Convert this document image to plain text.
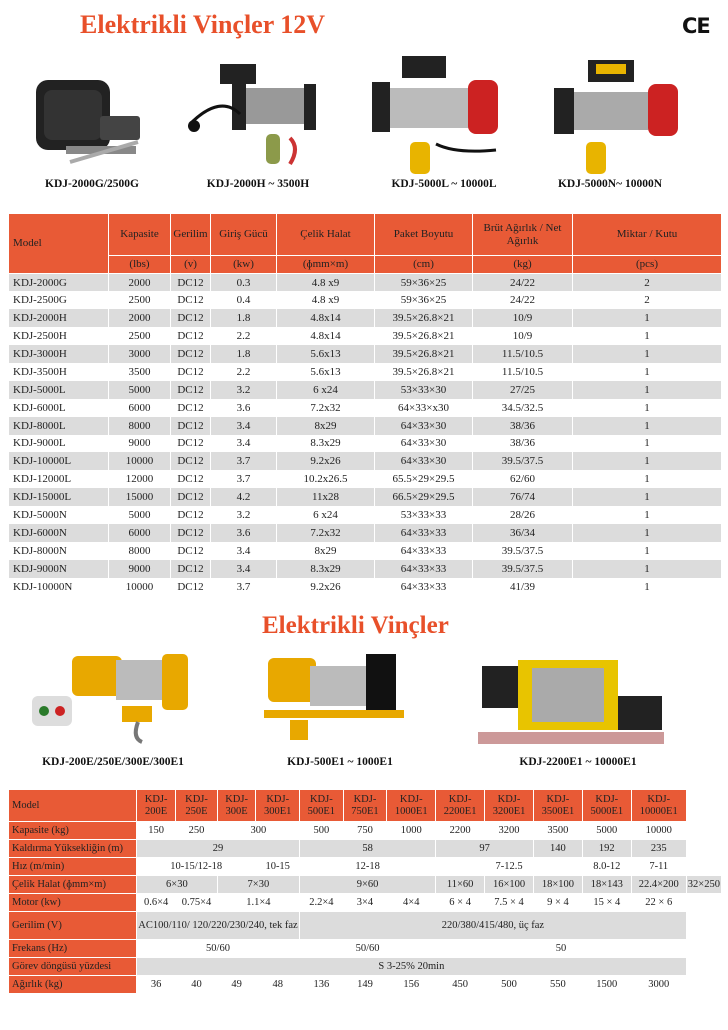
Elektrikli Vinçler 12V	CE
KDJ-2000G/2500G	KDJ-2000H ~ 3500H	KDJ-5000L ~ 10000L	KDJ-5000N~ 10000N
Model	Kapasite	Gerilim	Giriş Gücü	Çelik Halat	Paket Boyutu	Brüt Ağırlık / Net Ağırlık	Miktar / Kutu
	(lbs)	(v)	(kw)	(ɸmm×m)	(cm)	(kg)	(pcs)
KDJ-2000G	2000	DC12	0.3	4.8 x9	59×36×25	24/22	2
KDJ-2500G	2500	DC12	0.4	4.8 x9	59×36×25	24/22	2
KDJ-2000H	2000	DC12	1.8	4.8x14	39.5×26.8×21	10/9	1
KDJ-2500H	2500	DC12	2.2	4.8x14	39.5×26.8×21	10/9	1
KDJ-3000H	3000	DC12	1.8	5.6x13	39.5×26.8×21	11.5/10.5	1
KDJ-3500H	3500	DC12	2.2	5.6x13	39.5×26.8×21	11.5/10.5	1
KDJ-5000L	5000	DC12	3.2	6 x24	53×33×30	27/25	1
KDJ-6000L	6000	DC12	3.6	7.2x32	64×33×x30	34.5/32.5	1
KDJ-8000L	8000	DC12	3.4	8x29	64×33×30	38/36	1
KDJ-9000L	9000	DC12	3.4	8.3x29	64×33×30	38/36	1
KDJ-10000L	10000	DC12	3.7	9.2x26	64×33×30	39.5/37.5	1
KDJ-12000L	12000	DC12	3.7	10.2x26.5	65.5×29×29.5	62/60	1
KDJ-15000L	15000	DC12	4.2	11x28	66.5×29×29.5	76/74	1
KDJ-5000N	5000	DC12	3.2	6 x24	53×33×33	28/26	1
KDJ-6000N	6000	DC12	3.6	7.2x32	64×33×33	36/34	1
KDJ-8000N	8000	DC12	3.4	8x29	64×33×33	39.5/37.5	1
KDJ-9000N	9000	DC12	3.4	8.3x29	64×33×33	39.5/37.5	1
KDJ-10000N	10000	DC12	3.7	9.2x26	64×33×33	41/39	1
Elektrikli Vinçler
KDJ-200E/250E/300E/300E1	KDJ-500E1 ~ 1000E1	KDJ-2200E1 ~ 10000E1
Model	KDJ-200E	KDJ-250E	KDJ-300E	KDJ-300E1	KDJ-500E1	KDJ-750E1	KDJ-1000E1	KDJ-2200E1	KDJ-3200E1	KDJ-3500E1	KDJ-5000E1	KDJ-10000E1	
Kapasite (kg)	150	250	300		500	750	1000	2200	3200	3500	5000	10000	
Kaldırma Yüksekliğin (m)	29				58			97		140	192	235	
Hız (m/min)	10-15/12-18			10-15	12-18			7-12.5			8.0-12	7-11	
Çelik Halat (ɸmm×m)	6×30		7×30		9×60			11×60	16×100	18×100	18×143	22.4×200	32×250
Motor (kw)	0.6×4	0.75×4	1.1×4		2.2×4	3×4	4×4	6 × 4	7.5 × 4	9 × 4	15 × 4	22 × 6	
Gerilim (V)	AC100/110/ 120/220/230/240, tek faz				220/380/415/480, üç faz								
Frekans (Hz)	50/60				50/60			50					
Görev döngüsü yüzdesi	S 3-25% 20min												
Ağırlık (kg)	36	40	49	48	136	149	156	450	500	550	1500	3000	
